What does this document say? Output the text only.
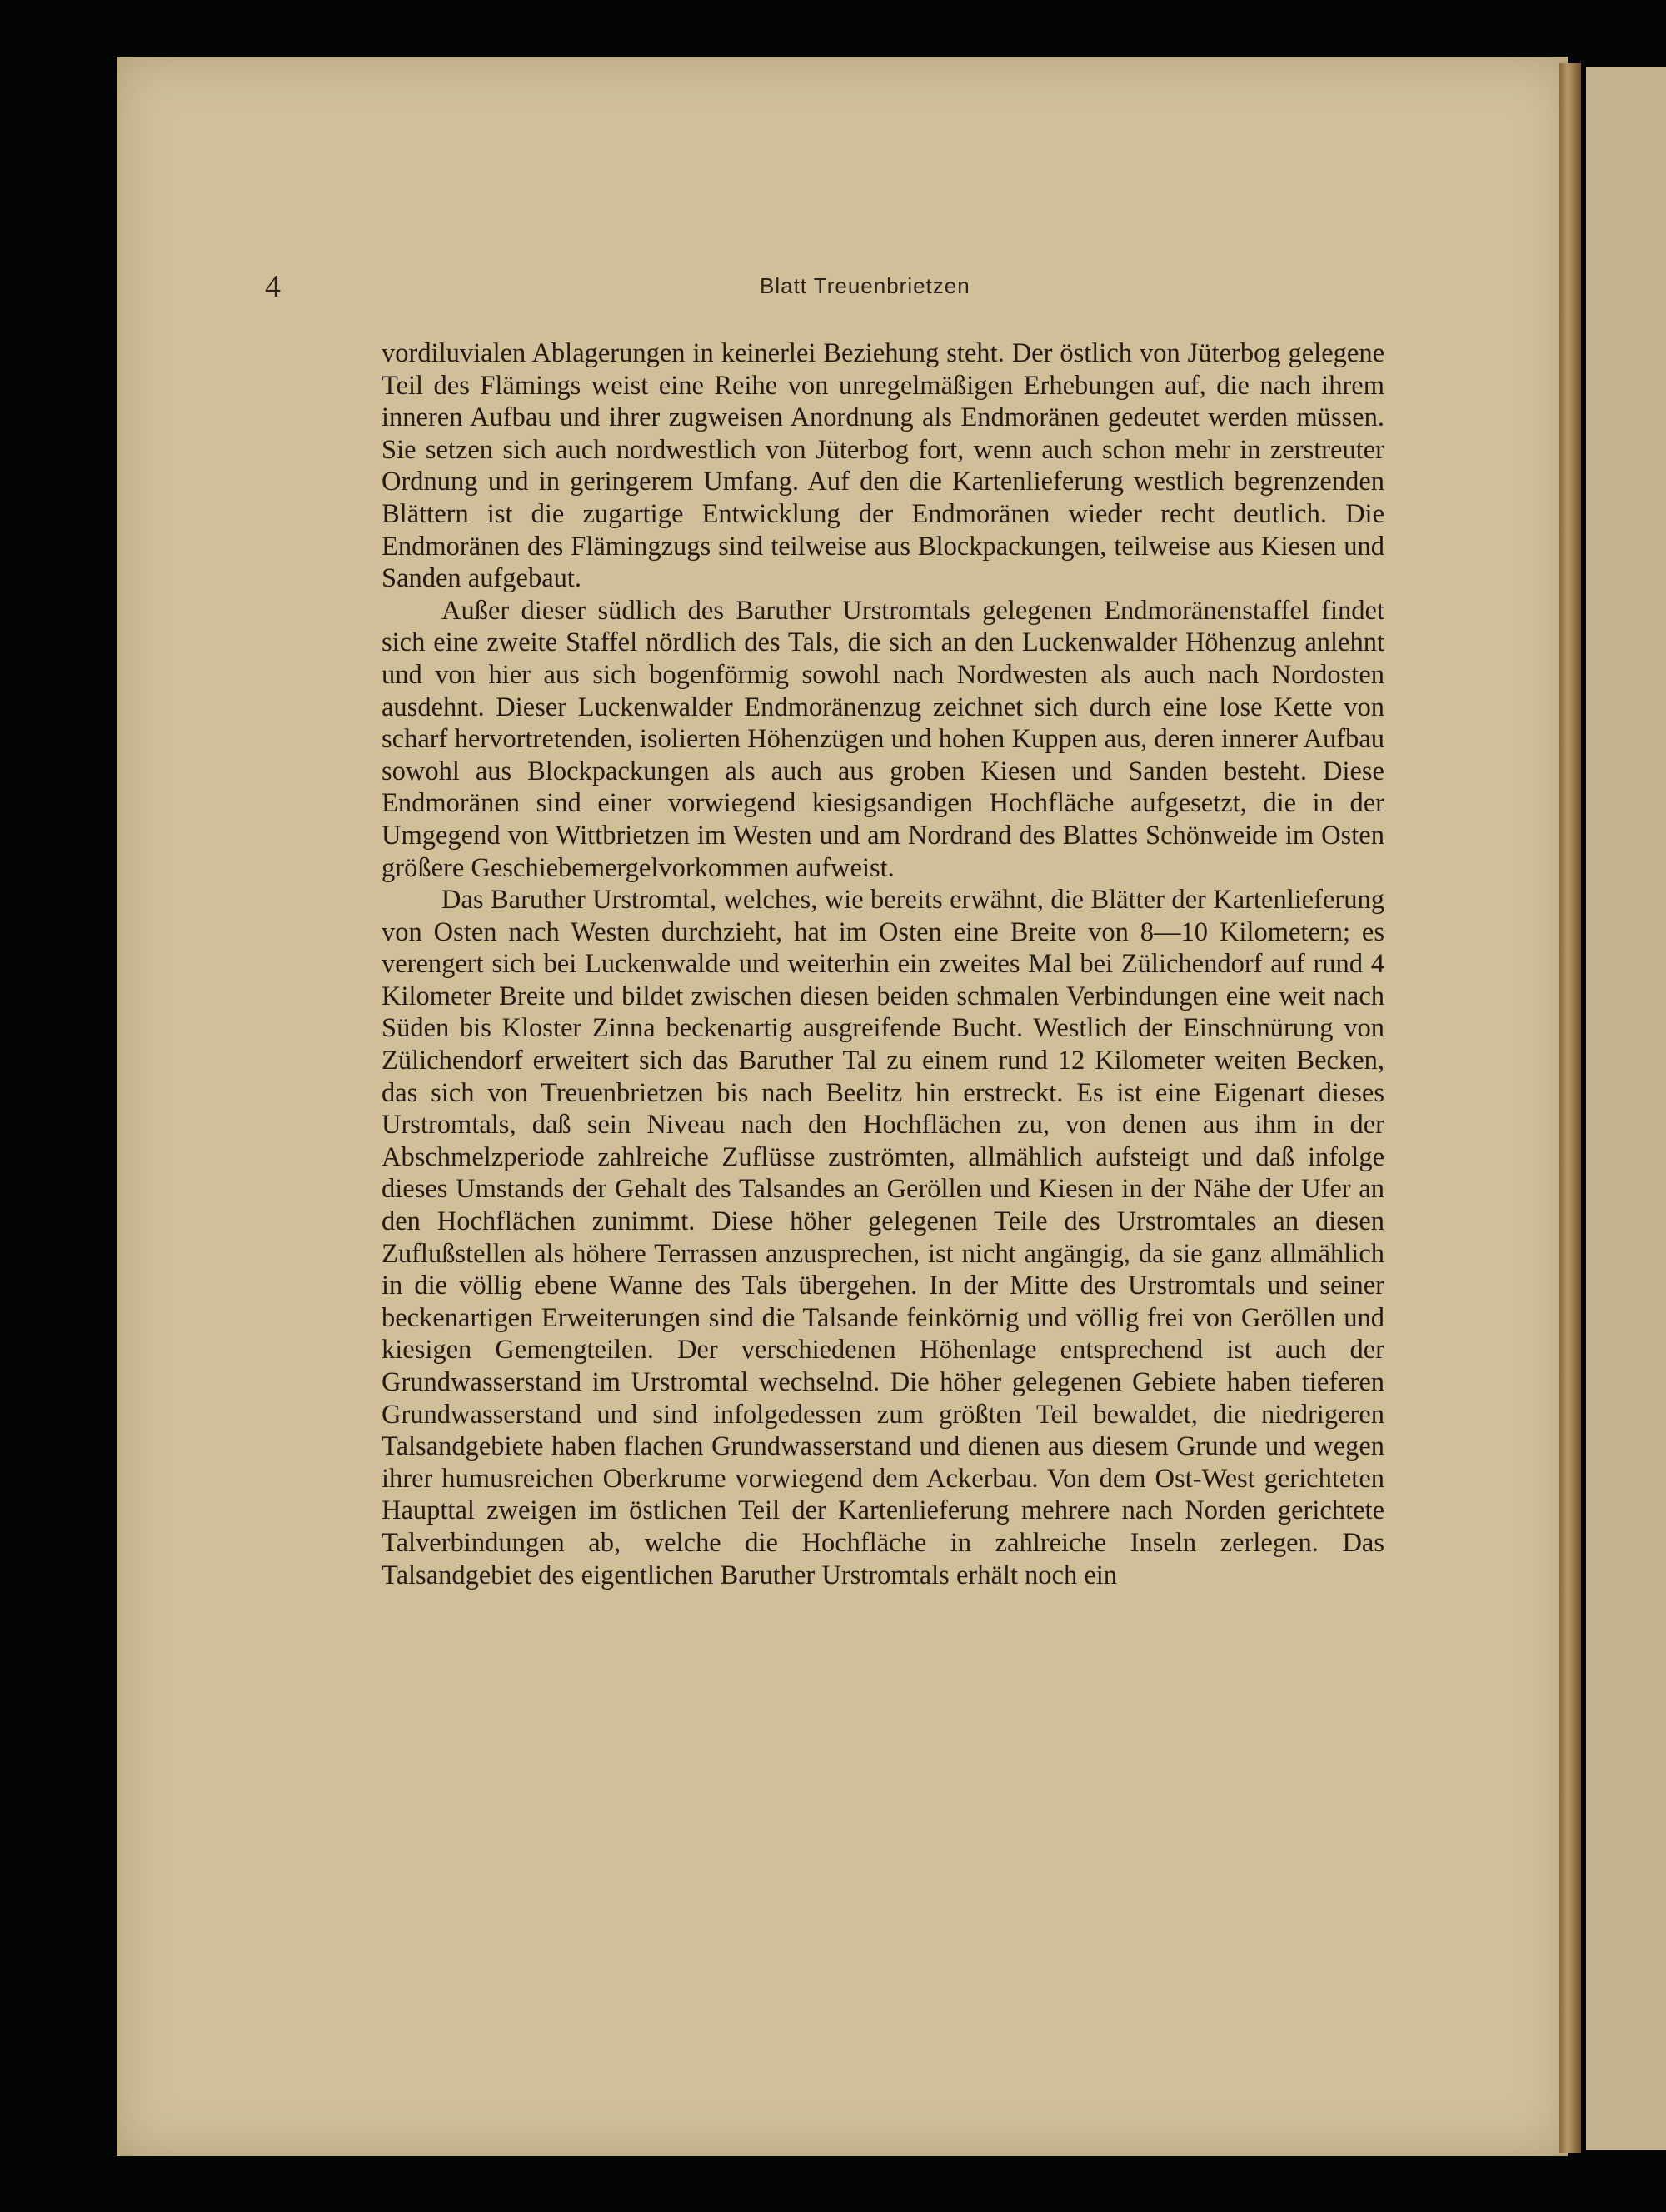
4	Blatt Treuenbrietzen

vordiluvialen Ablagerungen in keinerlei Beziehung steht. Der östlich von Jüterbog gelegene Teil des Flämings weist eine Reihe von unregelmäßigen Erhebungen auf, die nach ihrem inneren Aufbau und ihrer zugweisen Anordnung als Endmoränen gedeutet werden müssen. Sie setzen sich auch nordwestlich von Jüterbog fort, wenn auch schon mehr in zerstreuter Ordnung und in geringerem Umfang. Auf den die Kartenlieferung westlich begrenzenden Blättern ist die zugartige Entwicklung der Endmoränen wieder recht deutlich. Die Endmoränen des Flämingzugs sind teilweise aus Blockpackungen, teilweise aus Kiesen und Sanden aufgebaut.

Außer dieser südlich des Baruther Urstromtals gelegenen Endmoränenstaffel findet sich eine zweite Staffel nördlich des Tals, die sich an den Luckenwalder Höhenzug anlehnt und von hier aus sich bogenförmig sowohl nach Nordwesten als auch nach Nordosten ausdehnt. Dieser Luckenwalder Endmoränenzug zeichnet sich durch eine lose Kette von scharf hervortretenden, isolierten Höhenzügen und hohen Kuppen aus, deren innerer Aufbau sowohl aus Blockpackungen als auch aus groben Kiesen und Sanden besteht. Diese Endmoränen sind einer vorwiegend kiesigsandigen Hochfläche aufgesetzt, die in der Umgegend von Wittbrietzen im Westen und am Nordrand des Blattes Schönweide im Osten größere Geschiebemergelvorkommen aufweist.

Das Baruther Urstromtal, welches, wie bereits erwähnt, die Blätter der Kartenlieferung von Osten nach Westen durchzieht, hat im Osten eine Breite von 8—10 Kilometern; es verengert sich bei Luckenwalde und weiterhin ein zweites Mal bei Zülichendorf auf rund 4 Kilometer Breite und bildet zwischen diesen beiden schmalen Verbindungen eine weit nach Süden bis Kloster Zinna beckenartig ausgreifende Bucht. Westlich der Einschnürung von Zülichendorf erweitert sich das Baruther Tal zu einem rund 12 Kilometer weiten Becken, das sich von Treuenbrietzen bis nach Beelitz hin erstreckt. Es ist eine Eigenart dieses Urstromtals, daß sein Niveau nach den Hochflächen zu, von denen aus ihm in der Abschmelzperiode zahlreiche Zuflüsse zuströmten, allmählich aufsteigt und daß infolge dieses Umstands der Gehalt des Talsandes an Geröllen und Kiesen in der Nähe der Ufer an den Hochflächen zunimmt. Diese höher gelegenen Teile des Urstromtales an diesen Zuflußstellen als höhere Terrassen anzusprechen, ist nicht angängig, da sie ganz allmählich in die völlig ebene Wanne des Tals übergehen. In der Mitte des Urstromtals und seiner beckenartigen Erweiterungen sind die Talsande feinkörnig und völlig frei von Geröllen und kiesigen Gemengteilen. Der verschiedenen Höhenlage entsprechend ist auch der Grundwasserstand im Urstromtal wechselnd. Die höher gelegenen Gebiete haben tieferen Grundwasserstand und sind infolgedessen zum größten Teil bewaldet, die niedrigeren Talsandgebiete haben flachen Grundwasserstand und dienen aus diesem Grunde und wegen ihrer humusreichen Oberkrume vorwiegend dem Ackerbau. Von dem Ost-West gerichteten Haupttal zweigen im östlichen Teil der Kartenlieferung mehrere nach Norden gerichtete Talverbindungen ab, welche die Hochfläche in zahlreiche Inseln zerlegen. Das Talsandgebiet des eigentlichen Baruther Urstromtals erhält noch ein
